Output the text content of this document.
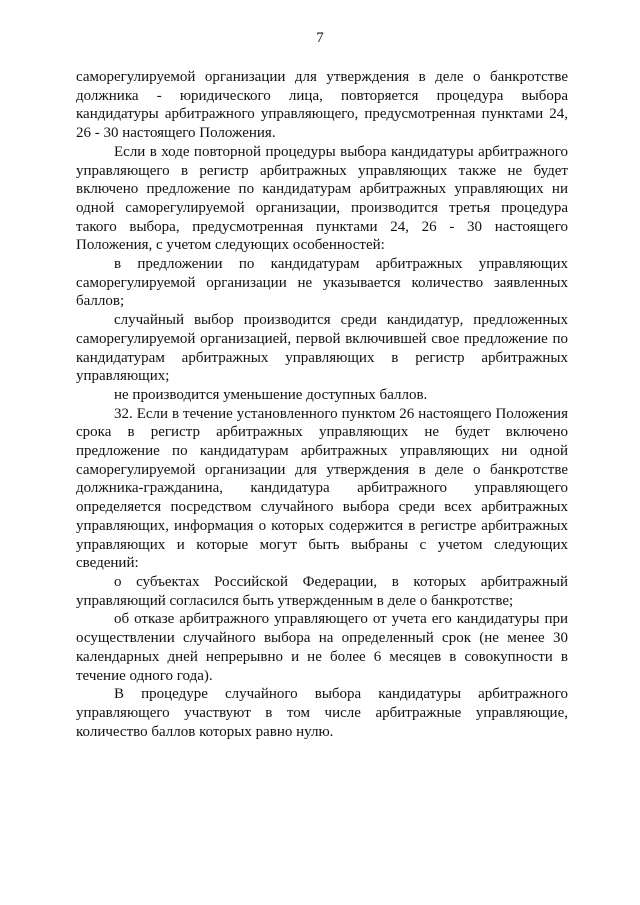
7

саморегулируемой организации для утверждения в деле о банкротстве должника - юридического лица, повторяется процедура выбора кандидатуры арбитражного управляющего, предусмотренная пунктами 24, 26 - 30 настоящего Положения.

Если в ходе повторной процедуры выбора кандидатуры арбитражного управляющего в регистр арбитражных управляющих также не будет включено предложение по кандидатурам арбитражных управляющих ни одной саморегулируемой организации, производится третья процедура такого выбора, предусмотренная пунктами 24, 26 - 30 настоящего Положения, с учетом следующих особенностей:

в предложении по кандидатурам арбитражных управляющих саморегулируемой организации не указывается количество заявленных баллов;

случайный выбор производится среди кандидатур, предложенных саморегулируемой организацией, первой включившей свое предложение по кандидатурам арбитражных управляющих в регистр арбитражных управляющих;

не производится уменьшение доступных баллов.

32. Если в течение установленного пунктом 26 настоящего Положения срока в регистр арбитражных управляющих не будет включено предложение по кандидатурам арбитражных управляющих ни одной саморегулируемой организации для утверждения в деле о банкротстве должника-гражданина, кандидатура арбитражного управляющего определяется посредством случайного выбора среди всех арбитражных управляющих, информация о которых содержится в регистре арбитражных управляющих и которые могут быть выбраны с учетом следующих сведений:

о субъектах Российской Федерации, в которых арбитражный управляющий согласился быть утвержденным в деле о банкротстве;

об отказе арбитражного управляющего от учета его кандидатуры при осуществлении случайного выбора на определенный срок (не менее 30 календарных дней непрерывно и не более 6 месяцев в совокупности в течение одного года).

В процедуре случайного выбора кандидатуры арбитражного управляющего участвуют в том числе арбитражные управляющие, количество баллов которых равно нулю.
